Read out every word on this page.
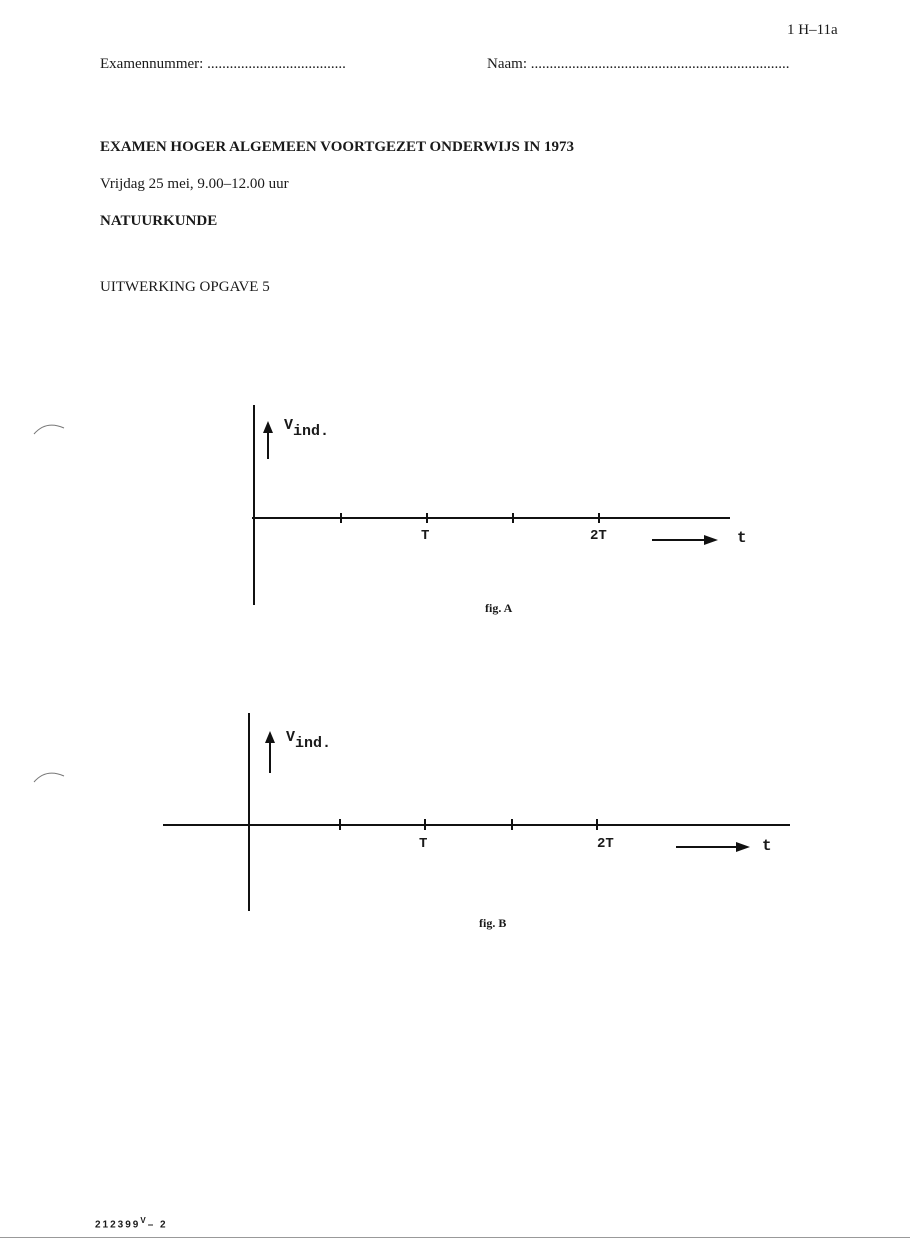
1 H–11a
Examennummer: .....................................	Naam: .....................................................................
EXAMEN HOGER ALGEMEEN VOORTGEZET ONDERWIJS IN 1973
Vrijdag 25 mei, 9.00–12.00 uur
NATUURKUNDE
UITWERKING OPGAVE 5
Vind.
T	2T	t
fig. A
Vind.
T	2T	t
fig. B
$212399^V-$ 2
